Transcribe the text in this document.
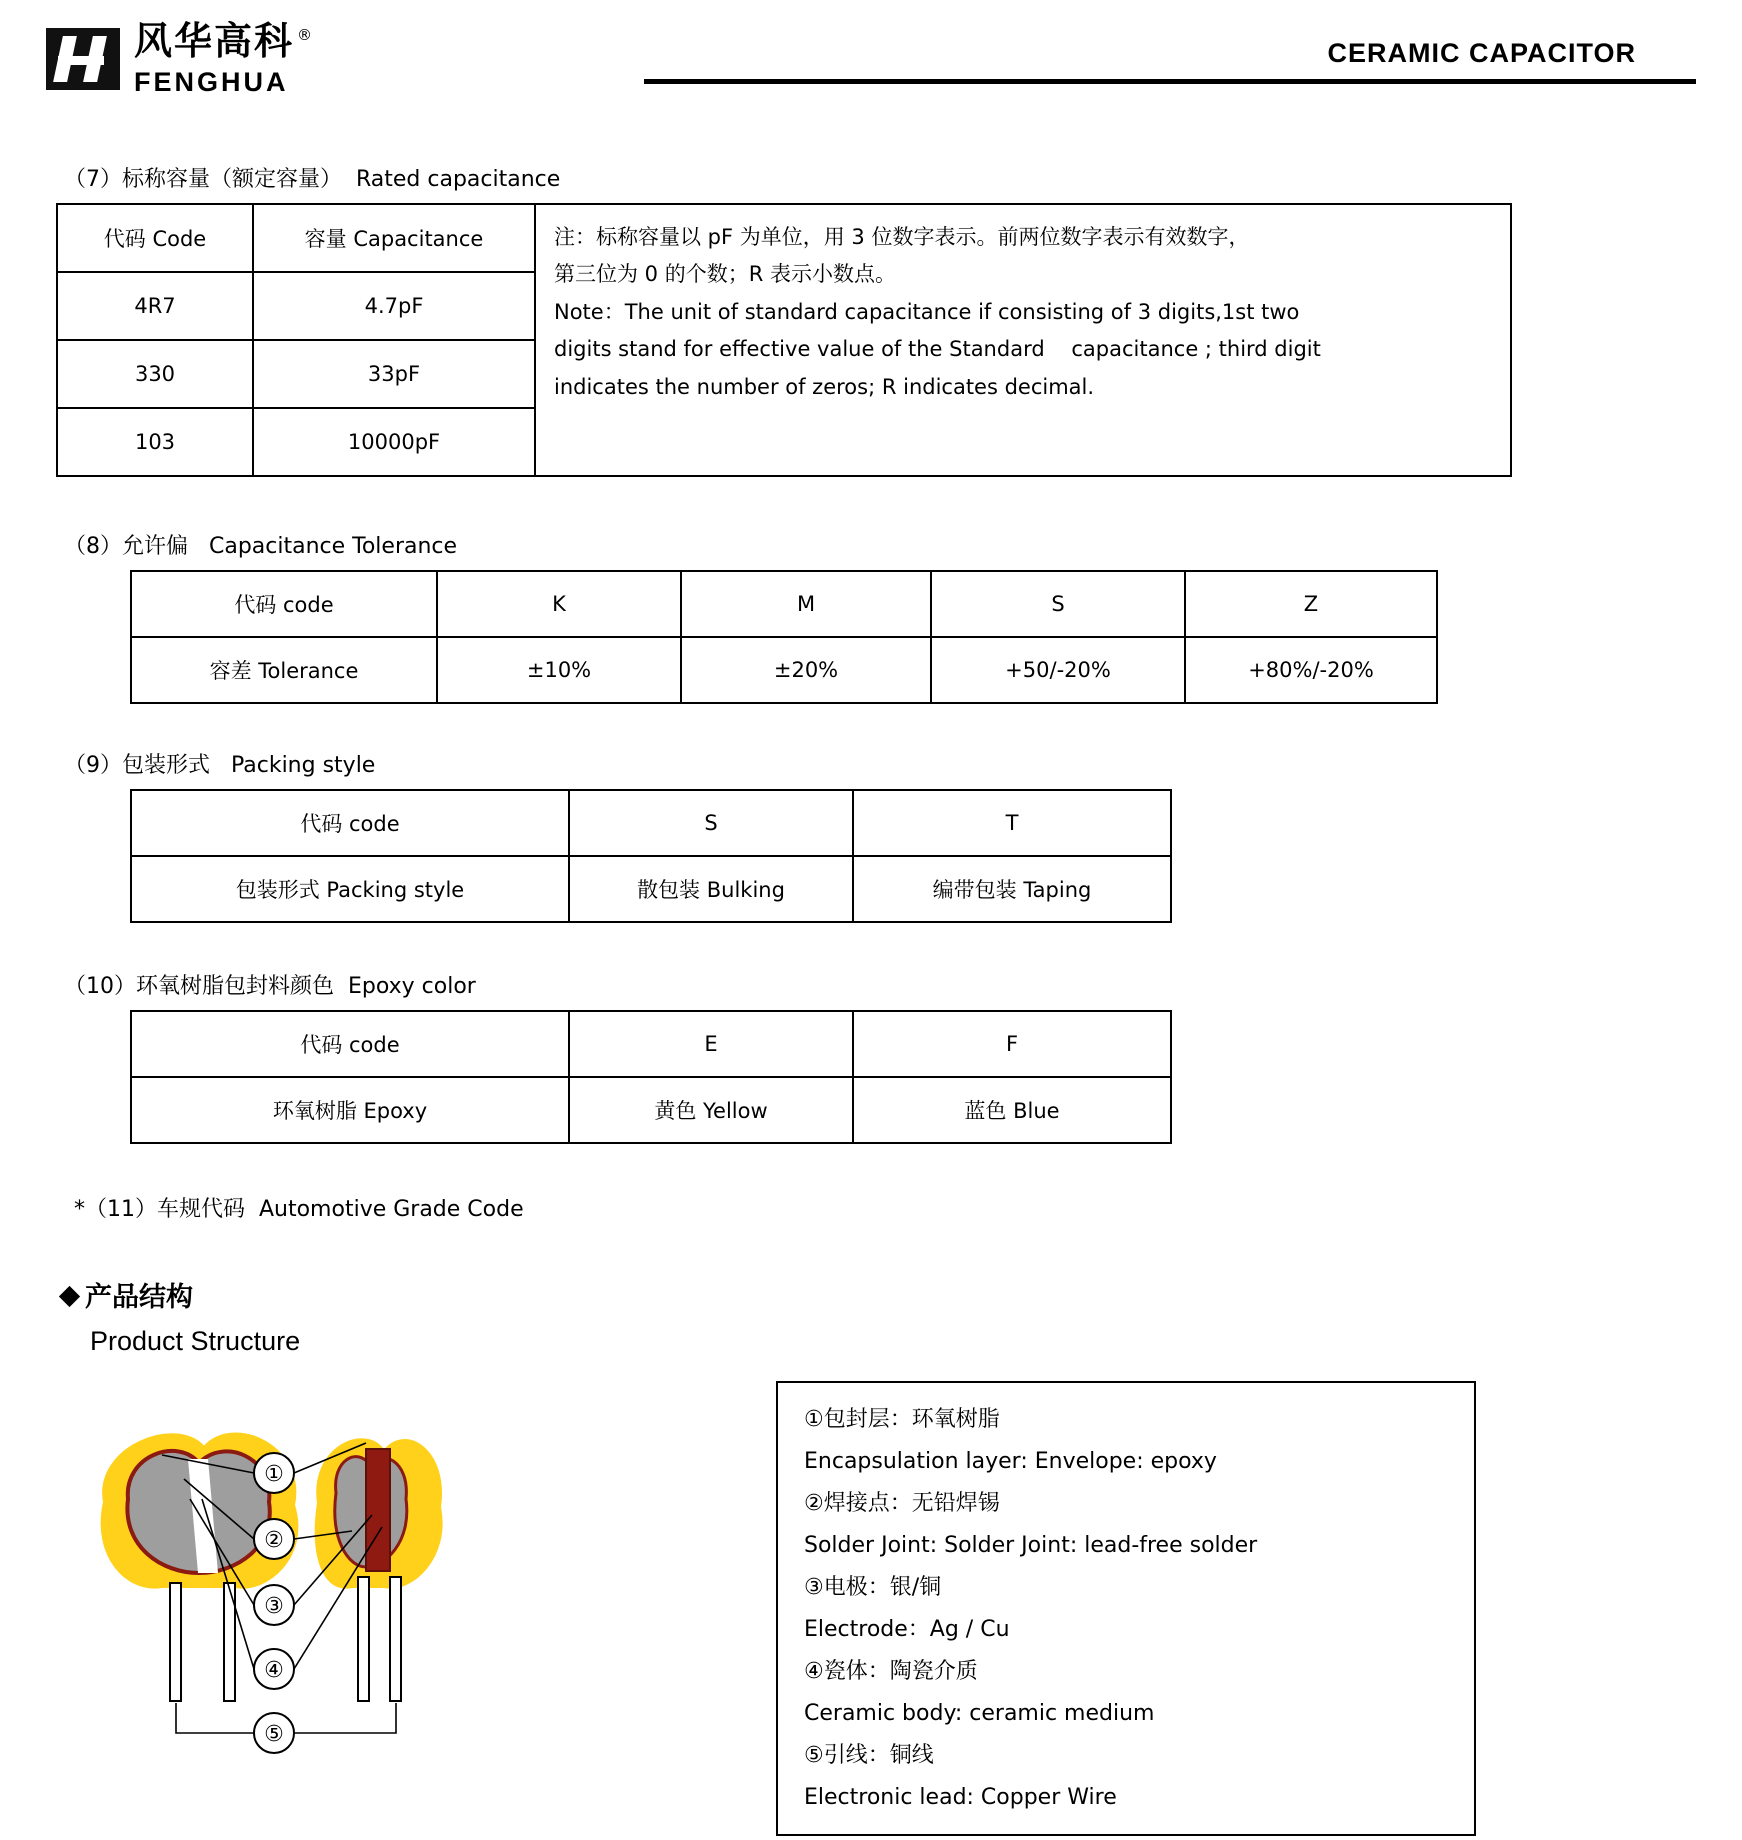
风华高科 ®
FENGHUA
CERAMIC CAPACITOR
（7）标称容量（额定容量）  Rated capacitance
代码 Code	容量 Capacitance	注：标称容量以 pF 为单位，用 3 位数字表示。前两位数字表示有效数字，
第三位为 0 的个数；R 表示小数点。
Note：The unit of standard capacitance if consisting of 3 digits,1st two
digits stand for effective value of the Standard    capacitance ; third digit
indicates the number of zeros; R indicates decimal.

4R7	4.7pF	
330	33pF	
103	10000pF	
（8）允许偏   Capacitance Tolerance
代码 code	K	M	S	Z
容差 Tolerance	±10%	±20%	+50/-20%	+80%/-20%
（9）包装形式   Packing style
代码 code	S	T
包装形式 Packing style	散包装 Bulking	编带包装 Taping
（10）环氧树脂包封料颜色  Epoxy color
代码 code	E	F
环氧树脂 Epoxy	黄色 Yellow	蓝色 Blue
*（11）车规代码  Automotive Grade Code
产品结构
Product Structure
①
②
③
④
⑤

①包封层：环氧树脂

Encapsulation layer: Envelope: epoxy

②焊接点：无铅焊锡

Solder Joint: Solder Joint: lead-free solder

③电极：银/铜

Electrode：Ag / Cu

④瓷体：陶瓷介质

Ceramic body: ceramic medium

⑤引线：铜线

Electronic lead: Copper Wire
